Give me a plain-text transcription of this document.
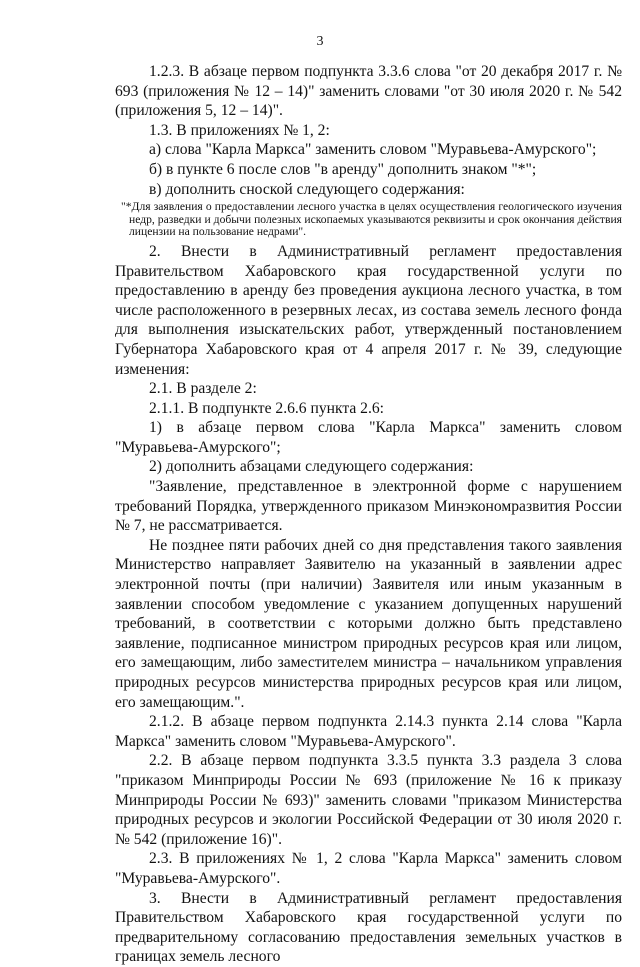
3

1.2.3. В абзаце первом подпункта 3.3.6 слова "от 20 декабря 2017 г. № 693 (приложения № 12 – 14)" заменить словами "от 30 июля 2020 г. № 542 (приложения 5, 12 – 14)".

1.3. В приложениях № 1, 2:

а) слова "Карла Маркса" заменить словом "Муравьева-Амурского";

б) в пункте 6 после слов "в аренду" дополнить знаком "*";

в) дополнить сноской следующего содержания:

"*Для заявления о предоставлении лесного участка в целях осуществления геологического изучения недр, разведки и добычи полезных ископаемых указываются реквизиты и срок окончания действия лицензии на пользование недрами".

2. Внести в Административный регламент предоставления Правительством Хабаровского края государственной услуги по предоставлению в аренду без проведения аукциона лесного участка, в том числе расположенного в резервных лесах, из состава земель лесного фонда для выполнения изыскательских работ, утвержденный постановлением Губернатора Хабаровского края от 4 апреля 2017 г. № 39, следующие изменения:

2.1. В разделе 2:

2.1.1. В подпункте 2.6.6 пункта 2.6:

1) в абзаце первом слова "Карла Маркса" заменить словом "Муравьева-Амурского";

2) дополнить абзацами следующего содержания:

"Заявление, представленное в электронной форме с нарушением требований Порядка, утвержденного приказом Минэкономразвития России № 7, не рассматривается.

Не позднее пяти рабочих дней со дня представления такого заявления Министерство направляет Заявителю на указанный в заявлении адрес электронной почты (при наличии) Заявителя или иным указанным в заявлении способом уведомление с указанием допущенных нарушений требований, в соответствии с которыми должно быть представлено заявление, подписанное министром природных ресурсов края или лицом, его замещающим, либо заместителем министра – начальником управления природных ресурсов министерства природных ресурсов края или лицом, его замещающим.".

2.1.2. В абзаце первом подпункта 2.14.3 пункта 2.14 слова "Карла Маркса" заменить словом "Муравьева-Амурского".

2.2. В абзаце первом подпункта 3.3.5 пункта 3.3 раздела 3 слова "приказом Минприроды России № 693 (приложение № 16 к приказу Минприроды России № 693)" заменить словами "приказом Министерства природных ресурсов и экологии Российской Федерации от 30 июля 2020 г. № 542 (приложение 16)".

2.3. В приложениях № 1, 2 слова "Карла Маркса" заменить словом "Муравьева-Амурского".

3. Внести в Административный регламент предоставления Правительством Хабаровского края государственной услуги по предварительному согласованию предоставления земельных участков в границах земель лесного
